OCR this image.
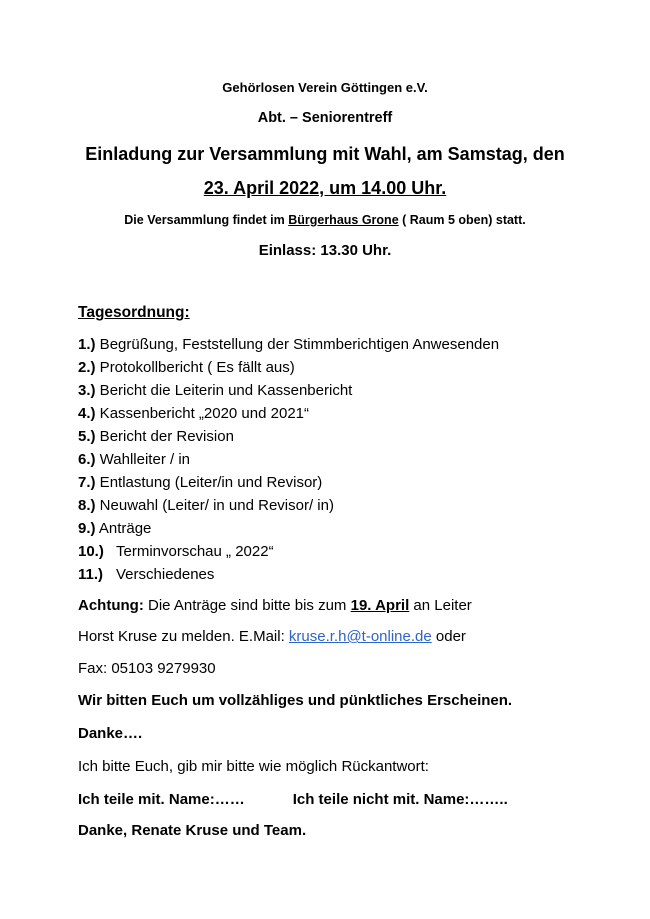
Gehörlosen Verein Göttingen e.V.
Abt. – Seniorentreff
Einladung zur Versammlung mit Wahl, am Samstag, den
23. April 2022, um 14.00 Uhr.
Die Versammlung findet im Bürgerhaus Grone ( Raum 5 oben) statt.
Einlass: 13.30 Uhr.
Tagesordnung:
1.) Begrüßung, Feststellung der Stimmberichtigen Anwesenden
2.) Protokollbericht ( Es fällt aus)
3.) Bericht die Leiterin und Kassenbericht
4.) Kassenbericht „2020 und 2021“
5.) Bericht der Revision
6.) Wahlleiter / in
7.) Entlastung (Leiter/in und Revisor)
8.) Neuwahl (Leiter/ in und Revisor/ in)
9.) Anträge
10.) Terminvorschau „ 2022“
11.) Verschiedenes
Achtung: Die Anträge sind bitte bis zum 19. April an Leiter
Horst Kruse zu melden. E.Mail: kruse.r.h@t-online.de oder
Fax: 05103 9279930
Wir bitten Euch um vollzähliges und pünktliches Erscheinen.
Danke….
Ich bitte Euch, gib mir bitte wie möglich Rückantwort:
Ich teile mit. Name:……	Ich teile nicht mit. Name:……..
Danke, Renate Kruse und Team.
